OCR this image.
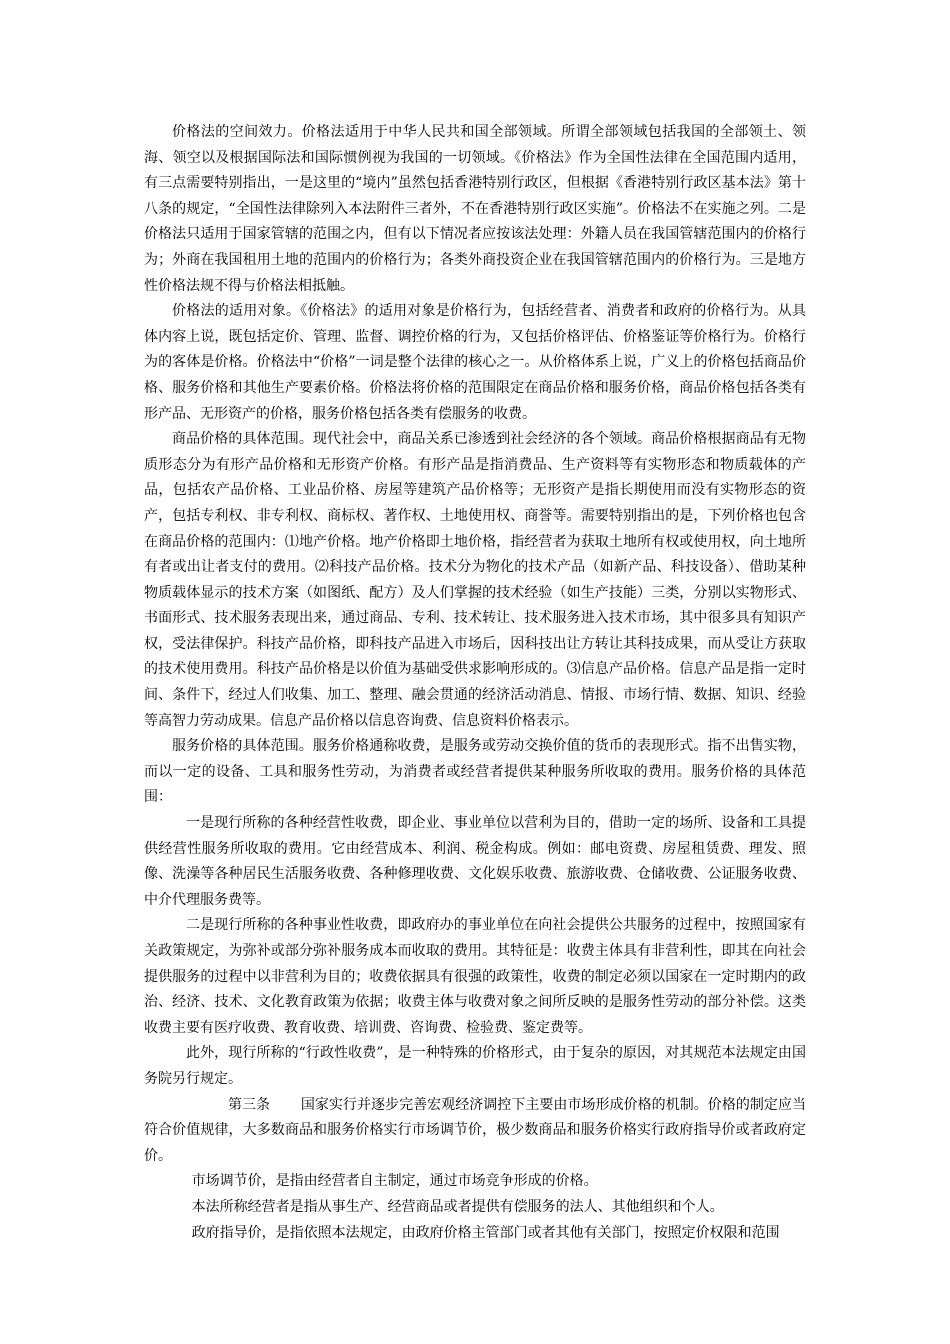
价格法的空间效力。价格法适用于中华人民共和国全部领域。所谓全部领域包括我国的全部领土、领海、领空以及根据国际法和国际惯例视为我国的一切领域。《价格法》作为全国性法律在全国范围内适用，有三点需要特别指出，一是这里的“境内”虽然包括香港特别行政区，但根据《香港特别行政区基本法》第十八条的规定，“全国性法律除列入本法附件三者外，不在香港特别行政区实施”。价格法不在实施之列。二是价格法只适用于国家管辖的范围之内，但有以下情况者应按该法处理：外籍人员在我国管辖范围内的价格行为；外商在我国租用土地的范围内的价格行为；各类外商投资企业在我国管辖范围内的价格行为。三是地方性价格法规不得与价格法相抵触。

价格法的适用对象。《价格法》的适用对象是价格行为，包括经营者、消费者和政府的价格行为。从具体内容上说，既包括定价、管理、监督、调控价格的行为，又包括价格评估、价格鉴证等价格行为。价格行为的客体是价格。价格法中“价格”一词是整个法律的核心之一。从价格体系上说，广义上的价格包括商品价格、服务价格和其他生产要素价格。价格法将价格的范围限定在商品价格和服务价格，商品价格包括各类有形产品、无形资产的价格，服务价格包括各类有偿服务的收费。

商品价格的具体范围。现代社会中，商品关系已渗透到社会经济的各个领域。商品价格根据商品有无物质形态分为有形产品价格和无形资产价格。有形产品是指消费品、生产资料等有实物形态和物质载体的产品，包括农产品价格、工业品价格、房屋等建筑产品价格等；无形资产是指长期使用而没有实物形态的资产，包括专利权、非专利权、商标权、著作权、土地使用权、商誉等。需要特别指出的是，下列价格也包含在商品价格的范围内：⑴地产价格。地产价格即土地价格，指经营者为获取土地所有权或使用权，向土地所有者或出让者支付的费用。⑵科技产品价格。技术分为物化的技术产品（如新产品、科技设备）、借助某种物质载体显示的技术方案（如图纸、配方）及人们掌握的技术经验（如生产技能）三类，分别以实物形式、书面形式、技术服务表现出来，通过商品、专利、技术转让、技术服务进入技术市场，其中很多具有知识产权，受法律保护。科技产品价格，即科技产品进入市场后，因科技出让方转让其科技成果，而从受让方获取的技术使用费用。科技产品价格是以价值为基础受供求影响形成的。⑶信息产品价格。信息产品是指一定时间、条件下，经过人们收集、加工、整理、融会贯通的经济活动消息、情报、市场行情、数据、知识、经验等高智力劳动成果。信息产品价格以信息咨询费、信息资料价格表示。

服务价格的具体范围。服务价格通称收费，是服务或劳动交换价值的货币的表现形式。指不出售实物，而以一定的设备、工具和服务性劳动，为消费者或经营者提供某种服务所收取的费用。服务价格的具体范围：

一是现行所称的各种经营性收费，即企业、事业单位以营利为目的，借助一定的场所、设备和工具提供经营性服务所收取的费用。它由经营成本、利润、税金构成。例如：邮电资费、房屋租赁费、理发、照像、洗澡等各种居民生活服务收费、各种修理收费、文化娱乐收费、旅游收费、仓储收费、公证服务收费、中介代理服务费等。

二是现行所称的各种事业性收费，即政府办的事业单位在向社会提供公共服务的过程中，按照国家有关政策规定，为弥补或部分弥补服务成本而收取的费用。其特征是：收费主体具有非营利性，即其在向社会提供服务的过程中以非营利为目的；收费依据具有很强的政策性，收费的制定必须以国家在一定时期内的政治、经济、技术、文化教育政策为依据；收费主体与收费对象之间所反映的是服务性劳动的部分补偿。这类收费主要有医疗收费、教育收费、培训费、咨询费、检验费、鉴定费等。

此外，现行所称的“行政性收费”，是一种特殊的价格形式，由于复杂的原因，对其规范本法规定由国务院另行规定。

第三条 国家实行并逐步完善宏观经济调控下主要由市场形成价格的机制。价格的制定应当符合价值规律，大多数商品和服务价格实行市场调节价，极少数商品和服务价格实行政府指导价或者政府定价。

市场调节价，是指由经营者自主制定，通过市场竞争形成的价格。

本法所称经营者是指从事生产、经营商品或者提供有偿服务的法人、其他组织和个人。

政府指导价，是指依照本法规定，由政府价格主管部门或者其他有关部门，按照定价权限和范围
